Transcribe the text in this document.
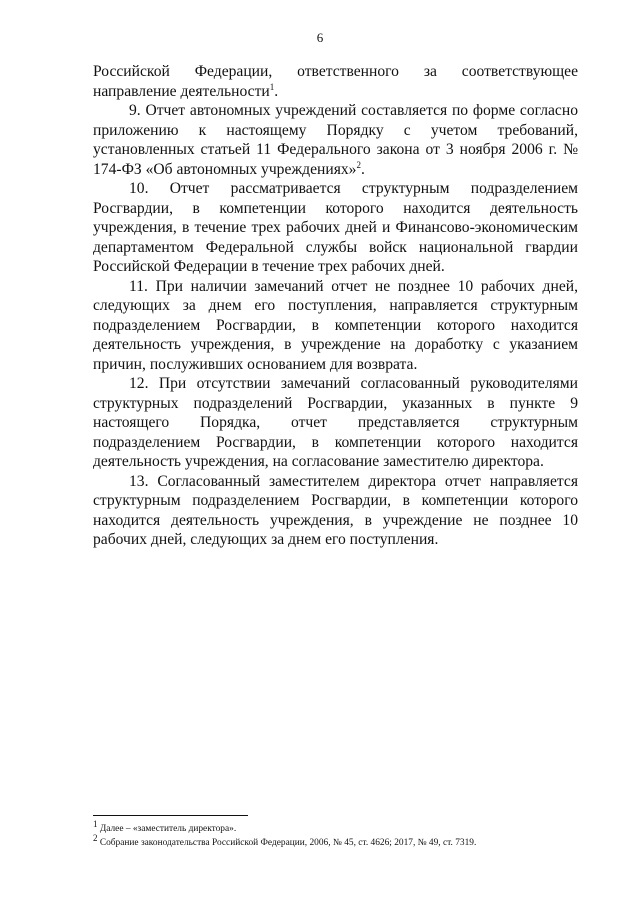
6

Российской Федерации, ответственного за соответствующее направление деятельности$^1$.

9. Отчет автономных учреждений составляется по форме согласно приложению к настоящему Порядку с учетом требований, установленных статьей 11 Федерального закона от 3 ноября 2006 г. № 174-ФЗ «Об автономных учреждениях»$^2$.

10. Отчет рассматривается структурным подразделением Росгвардии, в компетенции которого находится деятельность учреждения, в течение трех рабочих дней и Финансово-экономическим департаментом Федеральной службы войск национальной гвардии Российской Федерации в течение трех рабочих дней.

11. При наличии замечаний отчет не позднее 10 рабочих дней, следующих за днем его поступления, направляется структурным подразделением Росгвардии, в компетенции которого находится деятельность учреждения, в учреждение на доработку с указанием причин, послуживших основанием для возврата.

12. При отсутствии замечаний согласованный руководителями структурных подразделений Росгвардии, указанных в пункте 9 настоящего Порядка, отчет представляется структурным подразделением Росгвардии, в компетенции которого находится деятельность учреждения, на согласование заместителю директора.

13. Согласованный заместителем директора отчет направляется структурным подразделением Росгвардии, в компетенции которого находится деятельность учреждения, в учреждение не позднее 10 рабочих дней, следующих за днем его поступления.

$^1$ Далее – «заместитель директора».

$^2$ Собрание законодательства Российской Федерации, 2006, № 45, ст. 4626; 2017, № 49, ст. 7319.
